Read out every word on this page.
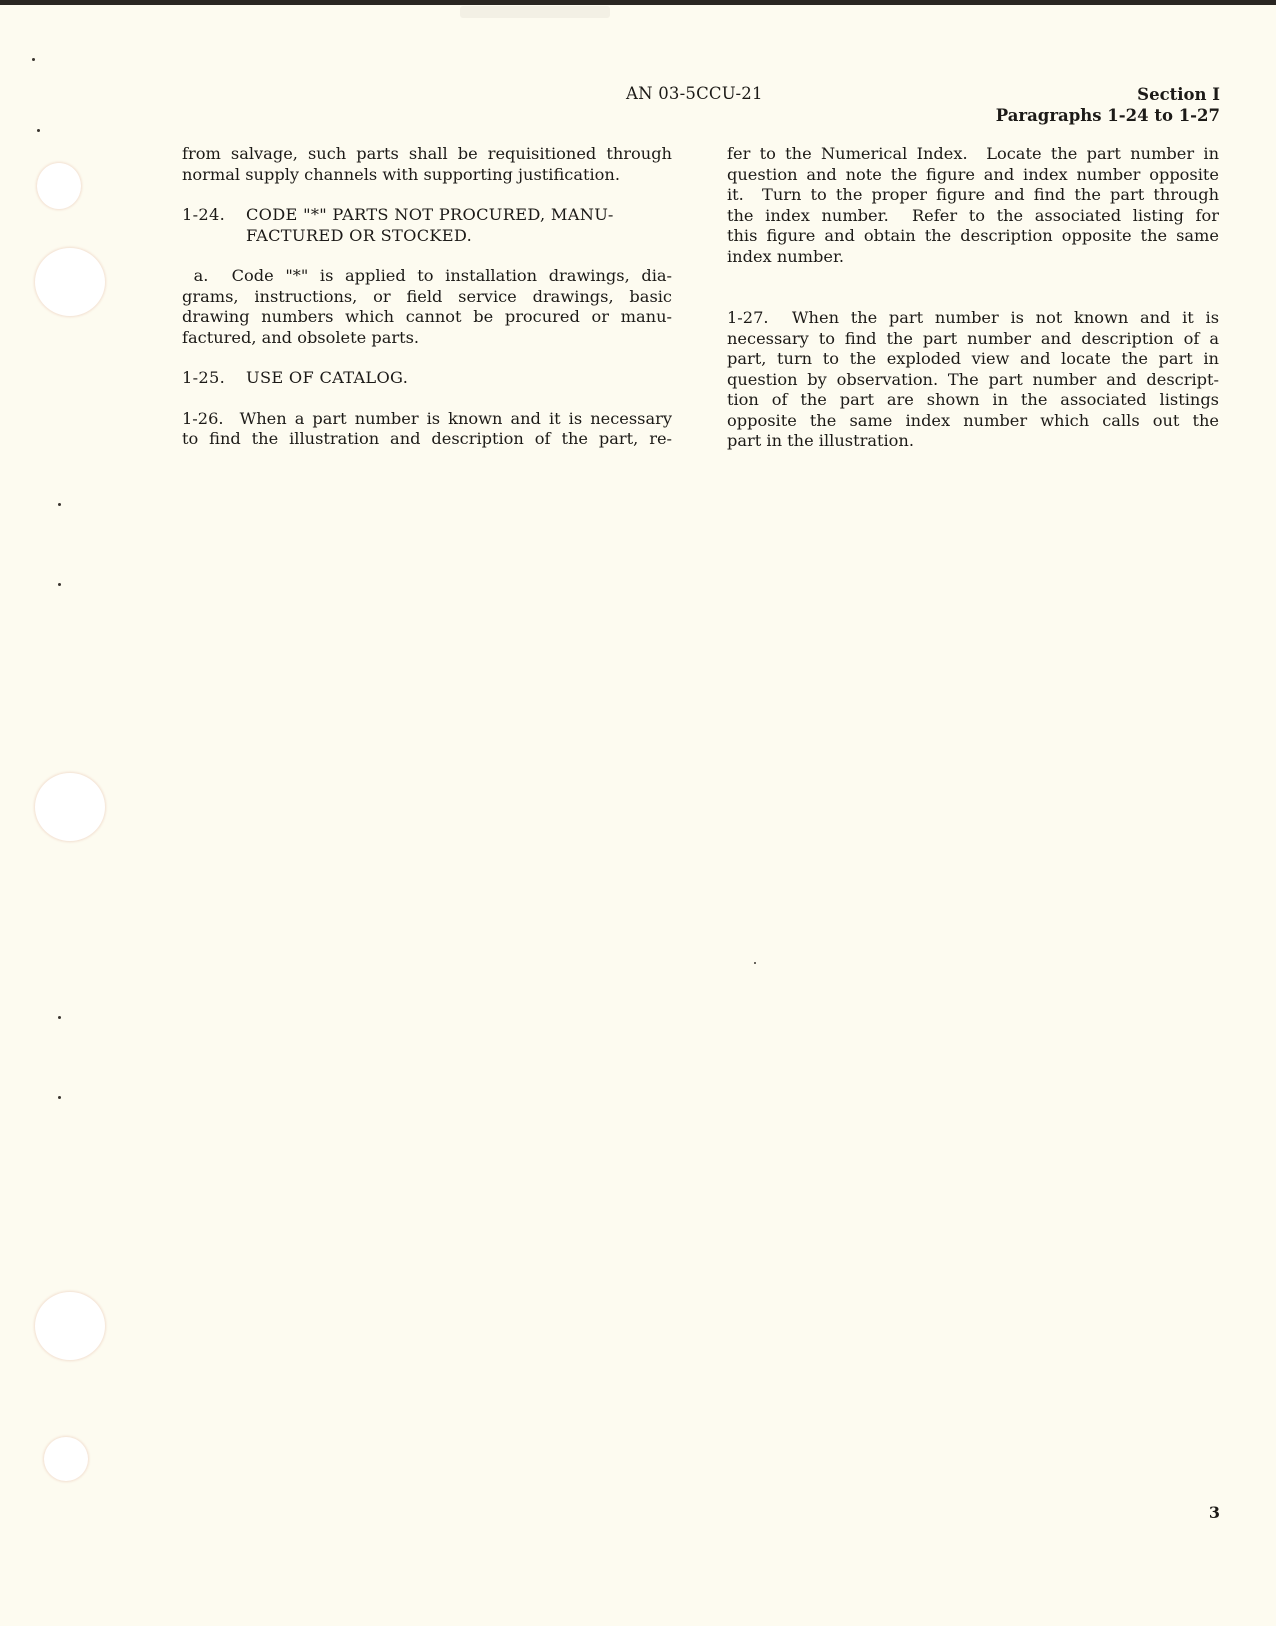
AN 03-5CCU-21	Section I
Paragraphs 1-24 to 1-27
from salvage, such parts shall be requisitioned through
normal supply channels with supporting justification.
1-24. CODE "*" PARTS NOT PROCURED, MANU-
FACTURED OR STOCKED.
a.  Code "*" is applied to installation drawings, dia-
grams, instructions, or field service drawings, basic
drawing numbers which cannot be procured or manu-
factured, and obsolete parts.
1-25. USE OF CATALOG.
1-26.  When a part number is known and it is necessary
to find the illustration and description of the part, re-
fer to the Numerical Index.  Locate the part number in
question and note the figure and index number opposite
it.  Turn to the proper figure and find the part through
the index number.  Refer to the associated listing for
this figure and obtain the description opposite the same
index number.
1-27.  When the part number is not known and it is
necessary to find the part number and description of a
part, turn to the exploded view and locate the part in
question by observation. The part number and descript-
tion of the part are shown in the associated listings
opposite the same index number which calls out the
part in the illustration.
3
